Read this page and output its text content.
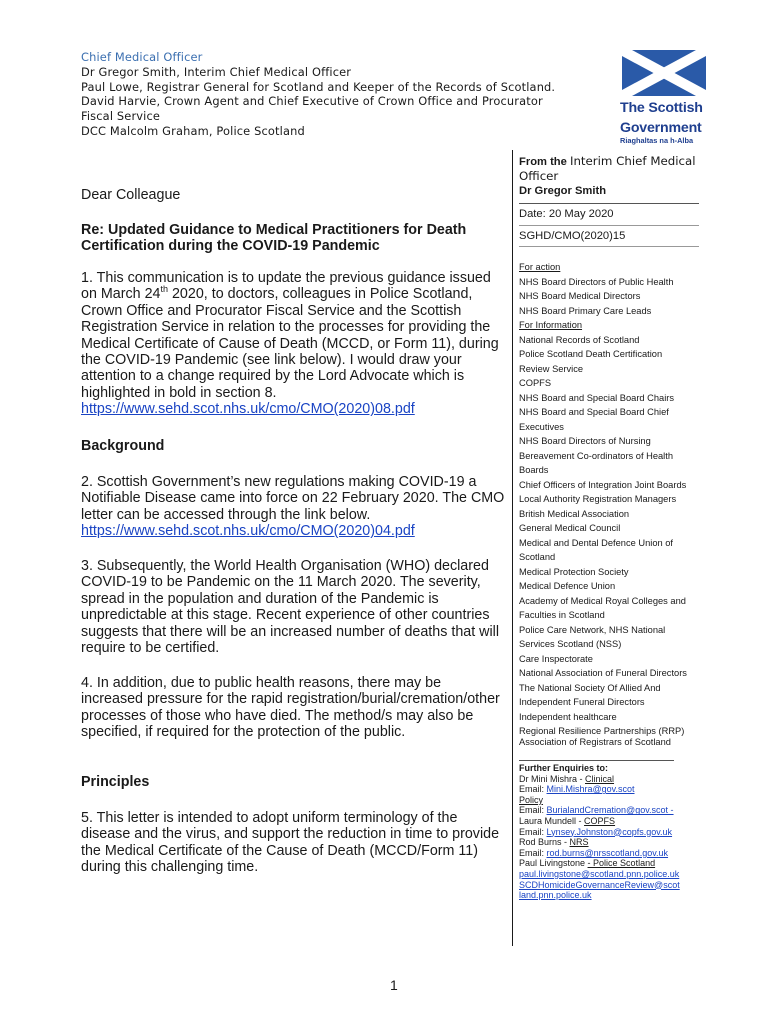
Chief Medical Officer
Dr Gregor Smith, Interim Chief Medical Officer
Paul Lowe, Registrar General for Scotland and Keeper of the Records of Scotland.
David Harvie, Crown Agent and Chief Executive of Crown Office and Procurator
Fiscal Service
DCC Malcolm Graham, Police Scotland
The Scottish
Government
Riaghaltas na h-Alba
Dear Colleague
Re: Updated Guidance to Medical Practitioners for Death
Certification during the COVID-19 Pandemic

1. This communication is to update the previous guidance issued on March 24th 2020, to doctors, colleagues in Police Scotland, Crown Office and Procurator Fiscal Service and the Scottish Registration Service in relation to the processes for providing the Medical Certificate of Cause of Death (MCCD, or Form 11), during the COVID-19 Pandemic (see link below). I would draw your attention to a change required by the Lord Advocate which is highlighted in bold in section 8.

https://www.sehd.scot.nhs.uk/cmo/CMO(2020)08.pdf

Background

2. Scottish Government’s new regulations making COVID-19 a Notifiable Disease came into force on 22 February 2020. The CMO letter can be accessed through the link below.

https://www.sehd.scot.nhs.uk/cmo/CMO(2020)04.pdf

3. Subsequently, the World Health Organisation (WHO) declared COVID-19 to be Pandemic on the 11 March 2020. The severity, spread in the population and duration of the Pandemic is unpredictable at this stage. Recent experience of other countries suggests that there will be an increased number of deaths that will require to be certified.
4. In addition, due to public health reasons, there may be increased pressure for the rapid registration/burial/cremation/other processes of those who have died. The method/s may also be specified, if required for the protection of the public.
Principles
5. This letter is intended to adopt uniform terminology of the disease and the virus, and support the reduction in time to provide the Medical Certificate of the Cause of Death (MCCD/Form 11) during this challenging time.
From the Interim Chief Medical
Officer
Dr Gregor Smith
Date: 20 May 2020
SGHD/CMO(2020)15
For action
NHS Board Directors of Public Health
NHS Board Medical Directors
NHS Board Primary Care Leads
For Information
National Records of Scotland
Police Scotland Death Certification
Review Service
COPFS
NHS Board and Special Board Chairs
NHS Board and Special Board Chief
Executives
NHS Board Directors of Nursing
Bereavement Co-ordinators of Health
Boards
Chief Officers of Integration Joint Boards
Local Authority Registration Managers
British Medical Association
General Medical Council
Medical and Dental Defence Union of
Scotland
Medical Protection Society
Medical Defence Union
Academy of Medical Royal Colleges and
Faculties in Scotland
Police Care Network, NHS National
Services Scotland (NSS)
Care Inspectorate
National Association of Funeral Directors
The National Society Of Allied And
Independent Funeral Directors
Independent healthcare
Regional Resilience Partnerships (RRP)
Association of Registrars of Scotland
Further Enquiries to:
Dr Mini Mishra - Clinical
Email: Mini.Mishra@gov.scot
Policy
Email: BurialandCremation@gov.scot -
Laura Mundell - COPFS
Email: Lynsey.Johnston@copfs.gov.uk
Rod Burns - NRS
Email: rod.burns@nrsscotland.gov.uk
Paul Livingstone - Police Scotland
paul.livingstone@scotland.pnn.police.uk
SCDHomicideGovernanceReview@scot
land.pnn.police.uk
1
